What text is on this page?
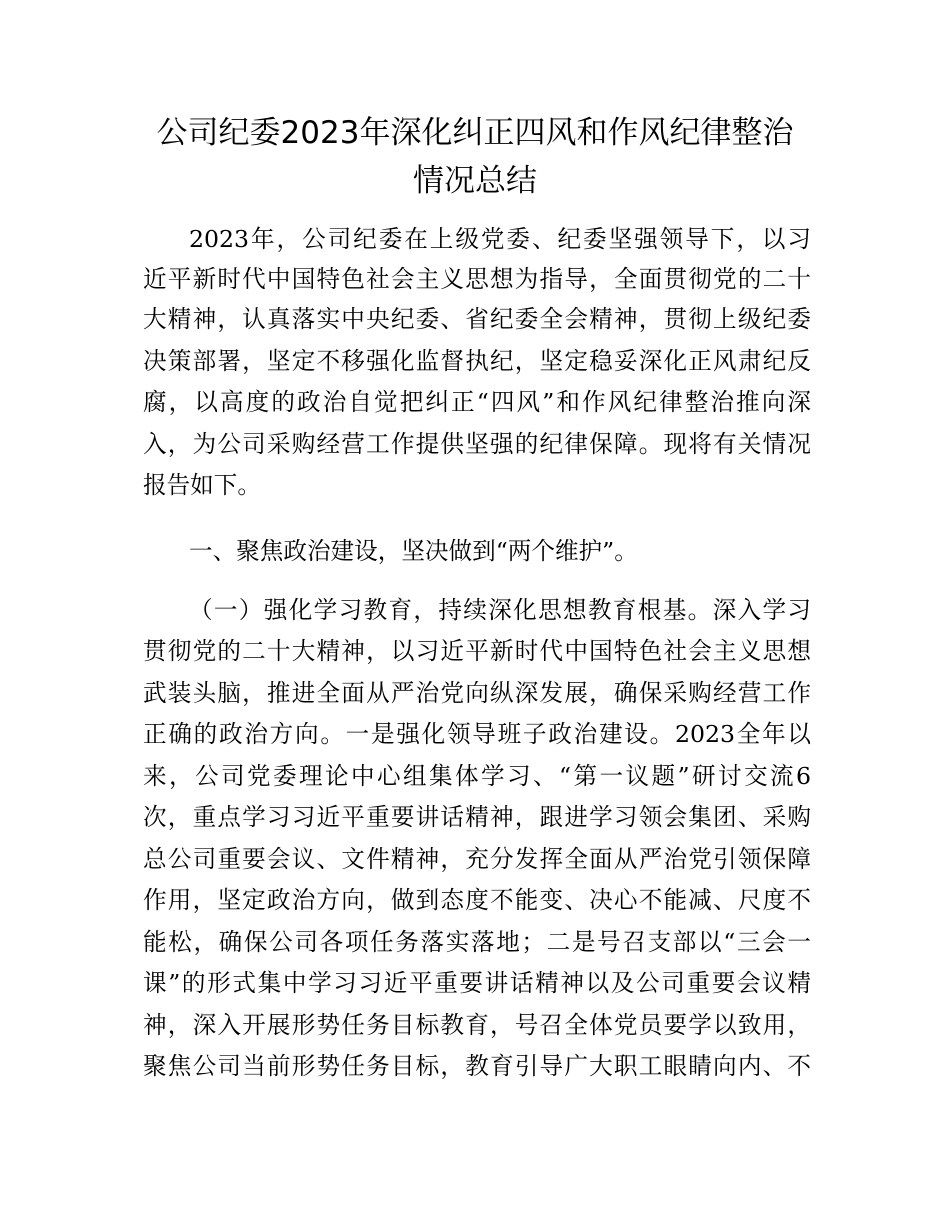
公司纪委2023年深化纠正四风和作风纪律整治
情况总结

2023年，公司纪委在上级党委、纪委坚强领导下，以习

近平新时代中国特色社会主义思想为指导，全面贯彻党的二十

大精神，认真落实中央纪委、省纪委全会精神，贯彻上级纪委

决策部署，坚定不移强化监督执纪，坚定稳妥深化正风肃纪反

腐，以高度的政治自觉把纠正“四风”和作风纪律整治推向深

入，为公司采购经营工作提供坚强的纪律保障。现将有关情况

报告如下。

一、聚焦政治建设，坚决做到“两个维护”。

（一）强化学习教育，持续深化思想教育根基。深入学习

贯彻党的二十大精神，以习近平新时代中国特色社会主义思想

武装头脑，推进全面从严治党向纵深发展，确保采购经营工作

正确的政治方向。一是强化领导班子政治建设。2023全年以

来，公司党委理论中心组集体学习、“第一议题”研讨交流6

次，重点学习习近平重要讲话精神，跟进学习领会集团、采购

总公司重要会议、文件精神，充分发挥全面从严治党引领保障

作用，坚定政治方向，做到态度不能变、决心不能减、尺度不

能松，确保公司各项任务落实落地；二是号召支部以“三会一

课”的形式集中学习习近平重要讲话精神以及公司重要会议精

神，深入开展形势任务目标教育，号召全体党员要学以致用，

聚焦公司当前形势任务目标，教育引导广大职工眼睛向内、不
